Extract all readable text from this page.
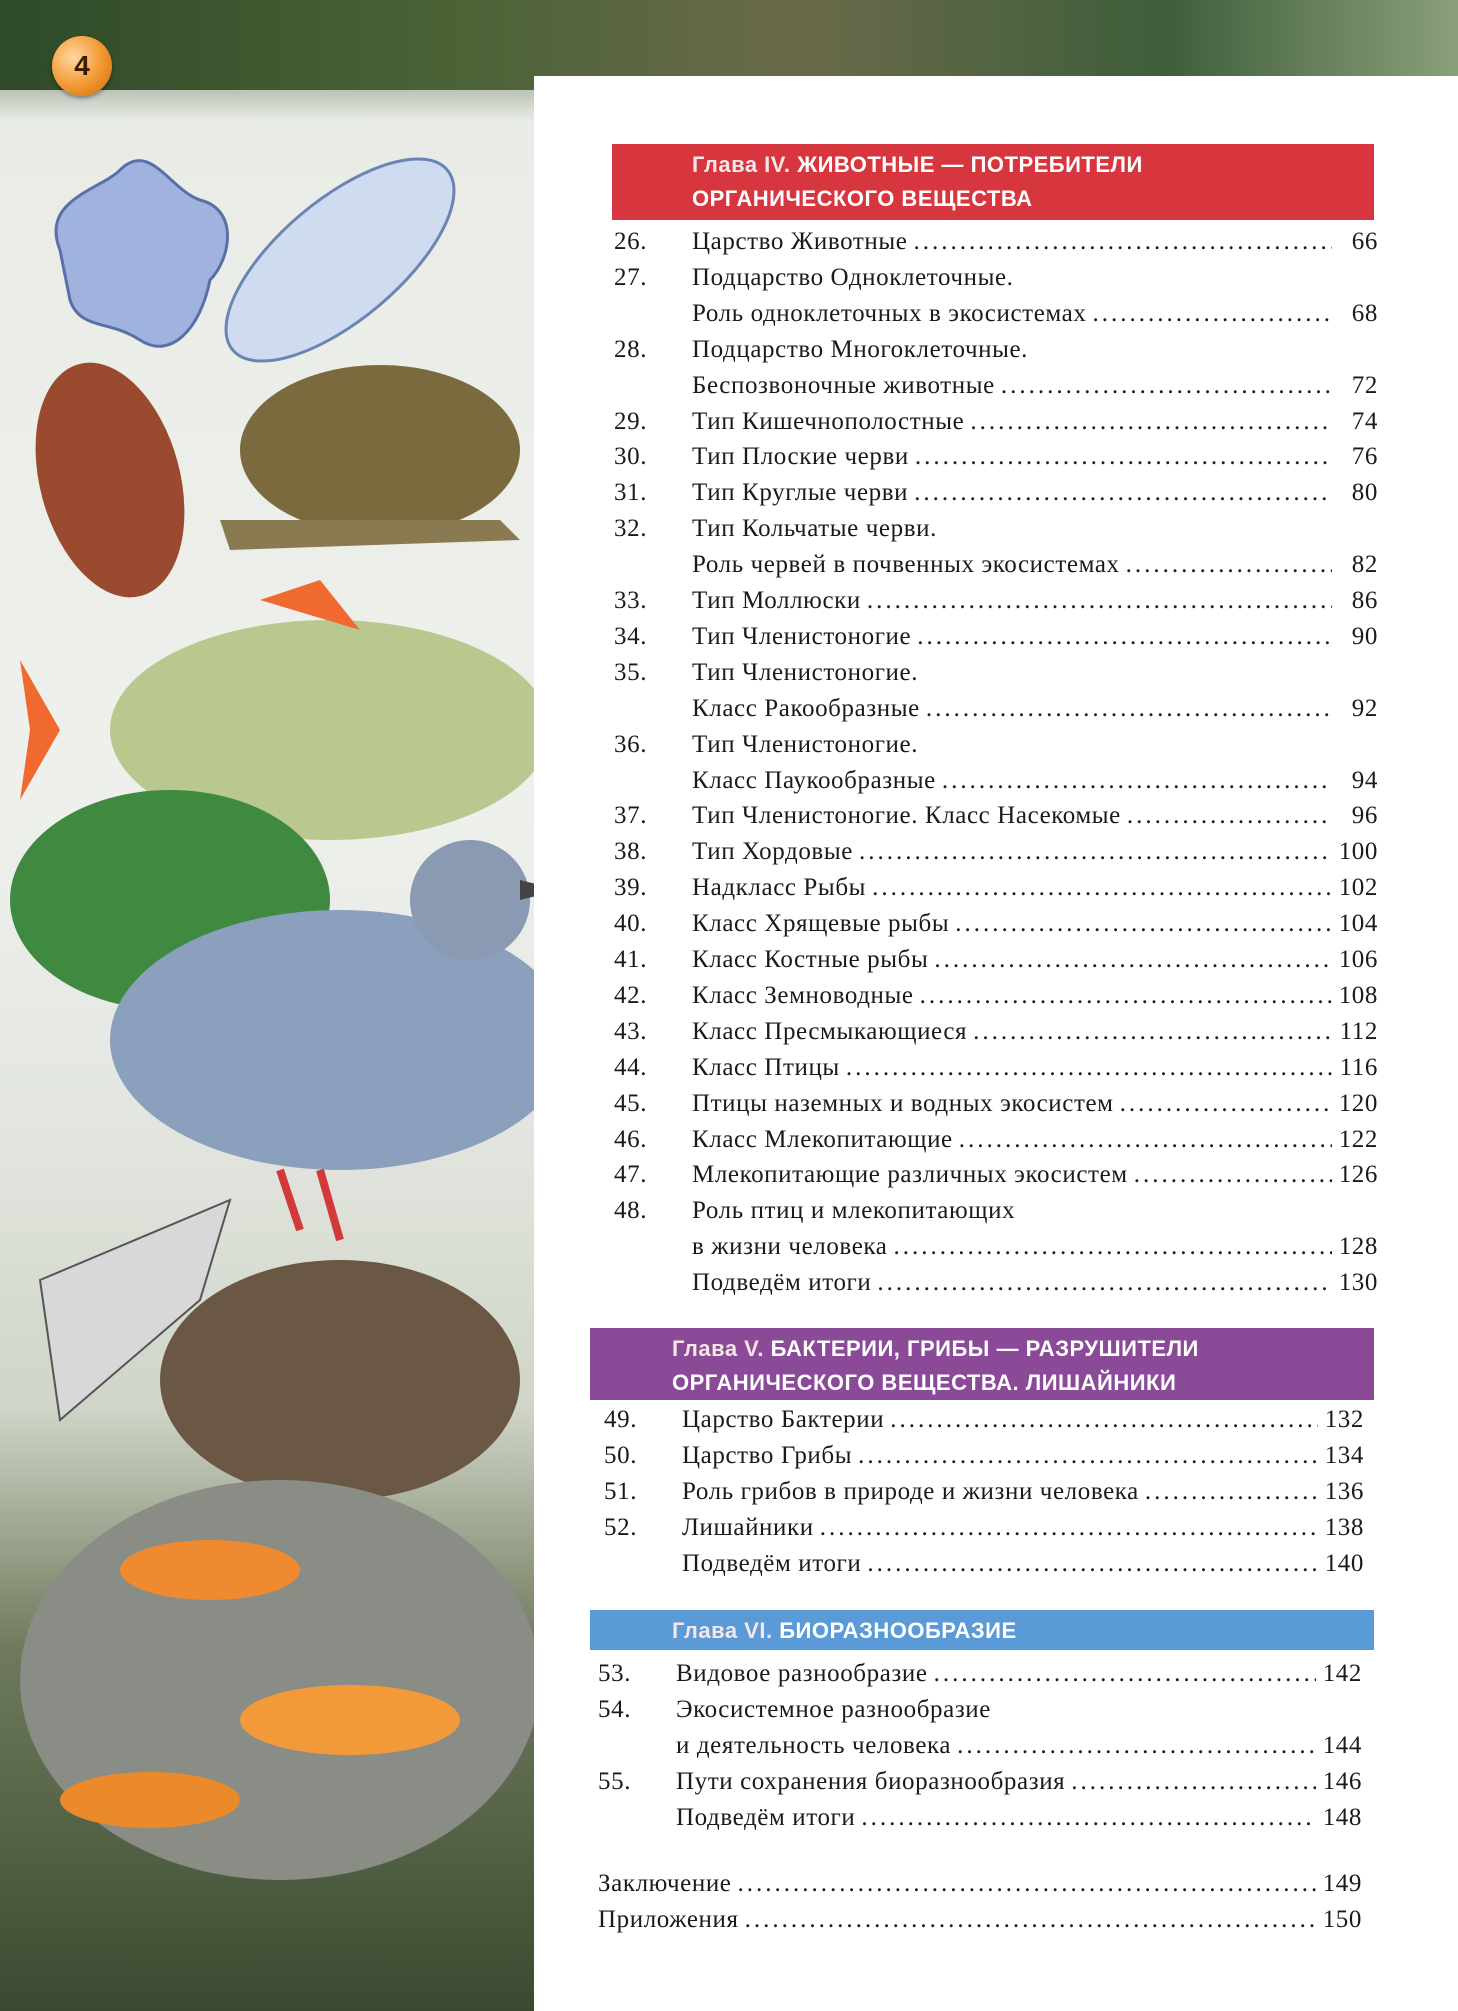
4
Глава IV. ЖИВОТНЫЕ — ПОТРЕБИТЕЛИ
ОРГАНИЧЕСКОГО ВЕЩЕСТВА
26.	Царство Животные .....	66
27.	Подцарство Одноклеточные.
Роль одноклеточных в экосистемах .....	68
28.	Подцарство Многоклеточные.
Беспозвоночные животные .....	72
29.	Тип Кишечнополостные .....	74
30.	Тип Плоские черви .....	76
31.	Тип Круглые черви .....	80
32.	Тип Кольчатые черви.
Роль червей в почвенных экосистемах .....	82
33.	Тип Моллюски .....	86
34.	Тип Членистоногие .....	90
35.	Тип Членистоногие.
Класс Ракообразные .....	92
36.	Тип Членистоногие.
Класс Паукообразные .....	94
37.	Тип Членистоногие. Класс Насекомые .....	96
38.	Тип Хордовые .....	100
39.	Надкласс Рыбы .....	102
40.	Класс Хрящевые рыбы .....	104
41.	Класс Костные рыбы .....	106
42.	Класс Земноводные .....	108
43.	Класс Пресмыкающиеся .....	112
44.	Класс Птицы .....	116
45.	Птицы наземных и водных экосистем .....	120
46.	Класс Млекопитающие .....	122
47.	Млекопитающие различных экосистем .....	126
48.	Роль птиц и млекопитающих
в жизни человека .....	128
Подведём итоги .....	130
Глава V. БАКТЕРИИ, ГРИБЫ — РАЗРУШИТЕЛИ
ОРГАНИЧЕСКОГО ВЕЩЕСТВА. ЛИШАЙНИКИ
49.	Царство Бактерии .....	132
50.	Царство Грибы .....	134
51.	Роль грибов в природе и жизни человека .....	136
52.	Лишайники .....	138
Подведём итоги .....	140
Глава VI. БИОРАЗНООБРАЗИЕ
53.	Видовое разнообразие .....	142
54.	Экосистемное разнообразие
и деятельность человека .....	144
55.	Пути сохранения биоразнообразия .....	146
Подведём итоги .....	148
Заключение .....	149
Приложения .....	150
